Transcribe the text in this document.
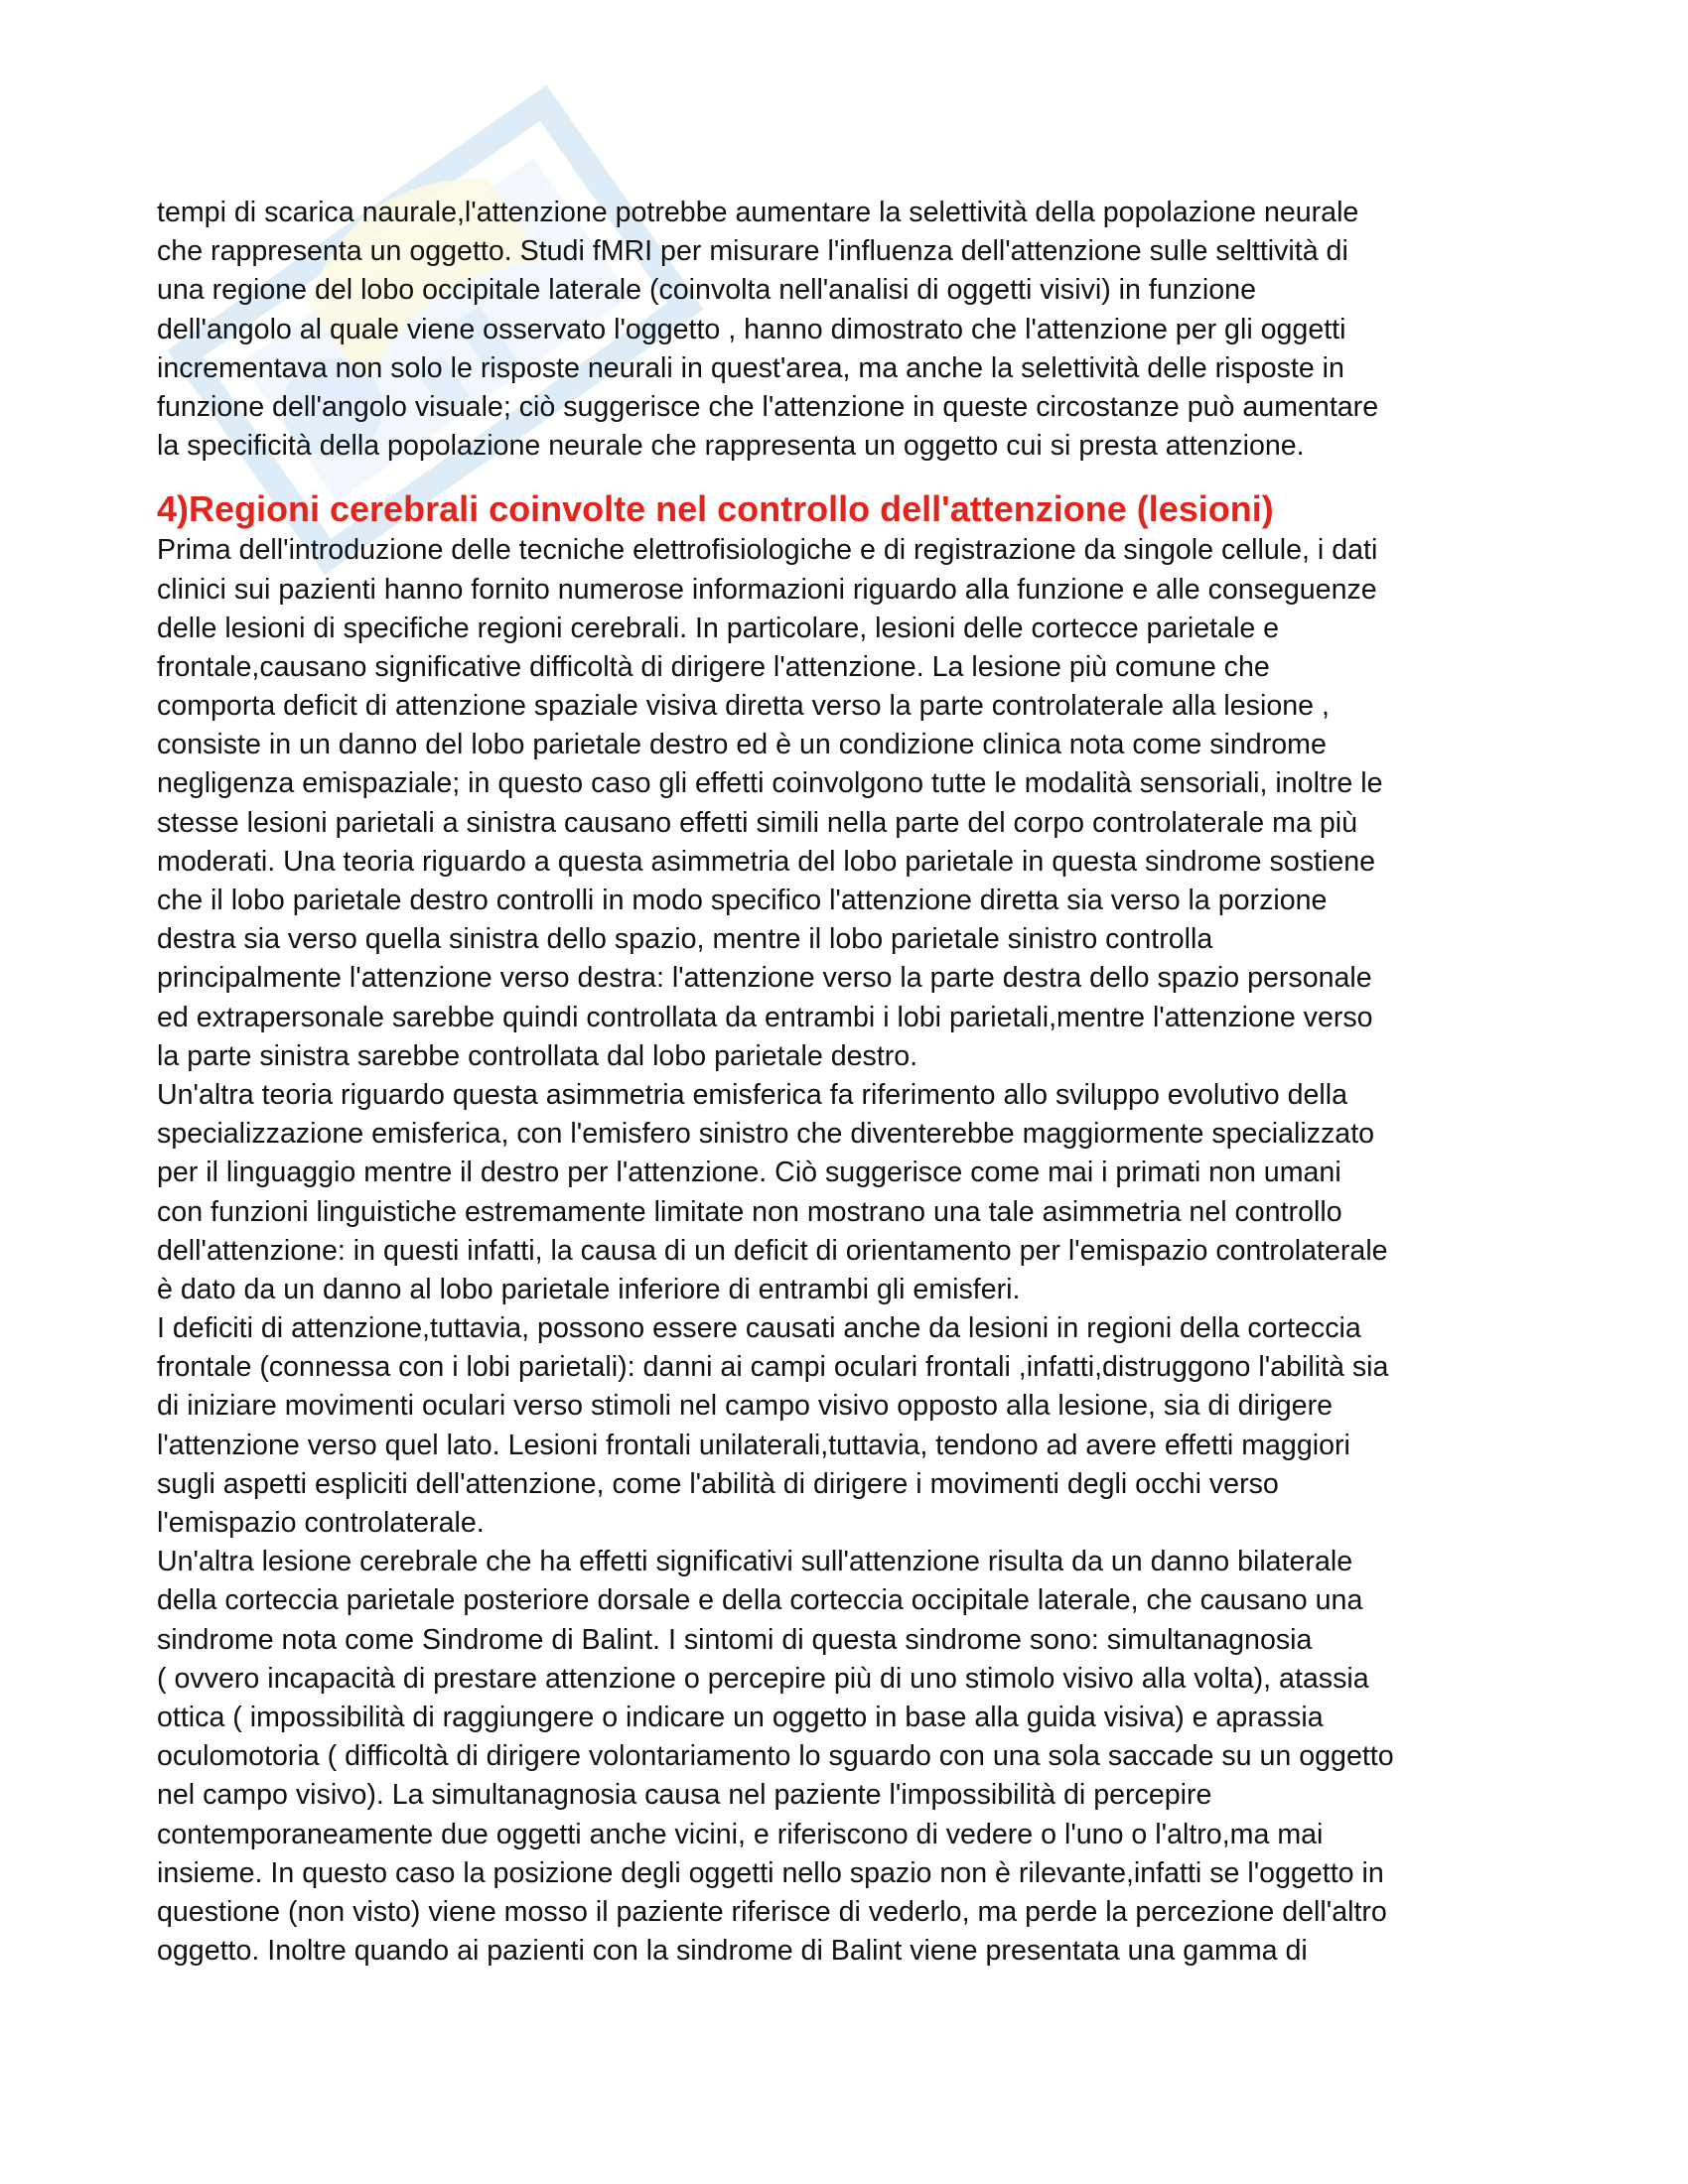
tempi di scarica naurale,l'attenzione potrebbe aumentare la selettività della popolazione neurale
che rappresenta un oggetto. Studi fMRI per misurare l'influenza dell'attenzione sulle selttività di
una regione del lobo occipitale laterale (coinvolta nell'analisi di oggetti visivi) in funzione
dell'angolo al quale viene osservato l'oggetto , hanno dimostrato che l'attenzione per gli oggetti
incrementava non solo le risposte neurali in quest'area, ma anche la selettività delle risposte in
funzione dell'angolo visuale; ciò suggerisce che l'attenzione in queste circostanze può aumentare
la specificità della popolazione neurale che rappresenta un oggetto cui si presta attenzione.
4)Regioni cerebrali coinvolte nel controllo dell'attenzione (lesioni)
Prima dell'introduzione delle tecniche elettrofisiologiche e di registrazione da singole cellule, i dati
clinici sui pazienti hanno fornito numerose informazioni riguardo alla funzione e alle conseguenze
delle lesioni di specifiche regioni cerebrali. In particolare, lesioni delle cortecce parietale e
frontale,causano significative difficoltà di dirigere l'attenzione. La lesione più comune che
comporta deficit di attenzione spaziale visiva diretta verso la parte controlaterale alla lesione ,
consiste in un danno del lobo parietale destro ed è un condizione clinica nota come sindrome
negligenza emispaziale; in questo caso gli effetti coinvolgono tutte le modalità sensoriali, inoltre le
stesse lesioni parietali a sinistra causano effetti simili nella parte del corpo controlaterale ma più
moderati. Una teoria riguardo a questa asimmetria del lobo parietale in questa sindrome sostiene
che il lobo parietale destro controlli in modo specifico l'attenzione diretta sia verso la porzione
destra sia verso quella sinistra dello spazio, mentre il lobo parietale sinistro controlla
principalmente l'attenzione verso destra: l'attenzione verso la parte destra dello spazio personale
ed extrapersonale sarebbe quindi controllata da entrambi i lobi parietali,mentre l'attenzione verso
la parte sinistra sarebbe controllata dal lobo parietale destro.
Un'altra teoria riguardo questa asimmetria emisferica fa riferimento allo sviluppo evolutivo della
specializzazione emisferica, con l'emisfero sinistro che diventerebbe maggiormente specializzato
per il linguaggio mentre il destro per l'attenzione. Ciò suggerisce come mai i primati non umani
con funzioni linguistiche estremamente limitate non mostrano una tale asimmetria nel controllo
dell'attenzione: in questi infatti, la causa di un deficit di orientamento per l'emispazio controlaterale
è dato da un danno al lobo parietale inferiore di entrambi gli emisferi.
I deficiti di attenzione,tuttavia, possono essere causati anche da lesioni in regioni della corteccia
frontale (connessa con i lobi parietali): danni ai campi oculari frontali ,infatti,distruggono l'abilità sia
di iniziare movimenti oculari verso stimoli nel campo visivo opposto alla lesione, sia di dirigere
l'attenzione verso quel lato. Lesioni frontali unilaterali,tuttavia, tendono ad avere effetti maggiori
sugli aspetti espliciti dell'attenzione, come l'abilità di dirigere i movimenti degli occhi verso
l'emispazio controlaterale.
Un'altra lesione cerebrale che ha effetti significativi sull'attenzione risulta da un danno bilaterale
della corteccia parietale posteriore dorsale e della corteccia occipitale laterale, che causano una
sindrome nota come Sindrome di Balint. I sintomi di questa sindrome sono: simultanagnosia
( ovvero incapacità di prestare attenzione o percepire più di uno stimolo visivo alla volta), atassia
ottica ( impossibilità di raggiungere o indicare un oggetto in base alla guida visiva) e aprassia
oculomotoria ( difficoltà di dirigere volontariamento lo sguardo con una sola saccade su un oggetto
nel campo visivo). La simultanagnosia causa nel paziente l'impossibilità di percepire
contemporaneamente due oggetti anche vicini, e riferiscono di vedere o l'uno o l'altro,ma mai
insieme. In questo caso la posizione degli oggetti nello spazio non è rilevante,infatti se l'oggetto in
questione (non visto) viene mosso il paziente riferisce di vederlo, ma perde la percezione dell'altro
oggetto. Inoltre quando ai pazienti con la sindrome di Balint viene presentata una gamma di
